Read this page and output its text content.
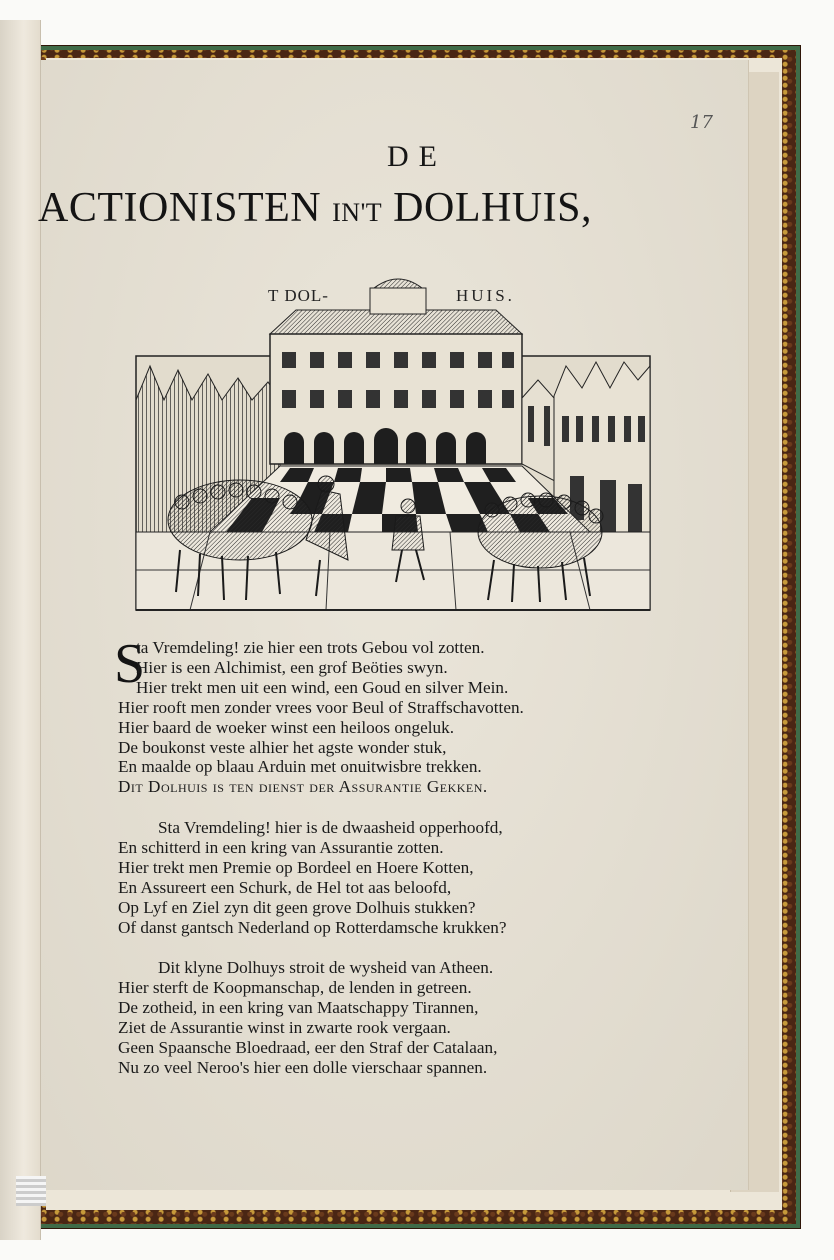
17
DE
ACTIONISTEN IN'T DOLHUIS,
T DOL-	HUIS.
S
ta Vremdeling! zie hier een trots Gebou vol zotten.
Hier is een Alchimist, een grof Beöties swyn.
Hier trekt men uit een wind, een Goud en silver Mein.
Hier rooft men zonder vrees voor Beul of Straffschavotten.
Hier baard de woeker winst een heiloos ongeluk.
De boukonst veste alhier het agste wonder stuk,
En maalde op blaau Arduin met onuitwisbre trekken.
Dit Dolhuis is ten dienst der Assurantie Gekken.
Sta Vremdeling! hier is de dwaasheid opperhoofd,
En schitterd in een kring van Assurantie zotten.
Hier trekt men Premie op Bordeel en Hoere Kotten,
En Assureert een Schurk, de Hel tot aas beloofd,
Op Lyf en Ziel zyn dit geen grove Dolhuis stukken?
Of danst gantsch Nederland op Rotterdamsche krukken?
Dit klyne Dolhuys stroit de wysheid van Atheen.
Hier sterft de Koopmanschap, de lenden in getreen.
De zotheid, in een kring van Maatschappy Tirannen,
Ziet de Assurantie winst in zwarte rook vergaan.
Geen Spaansche Bloedraad, eer den Straf der Catalaan,
Nu zo veel Neroo's hier een dolle vierschaar spannen.
